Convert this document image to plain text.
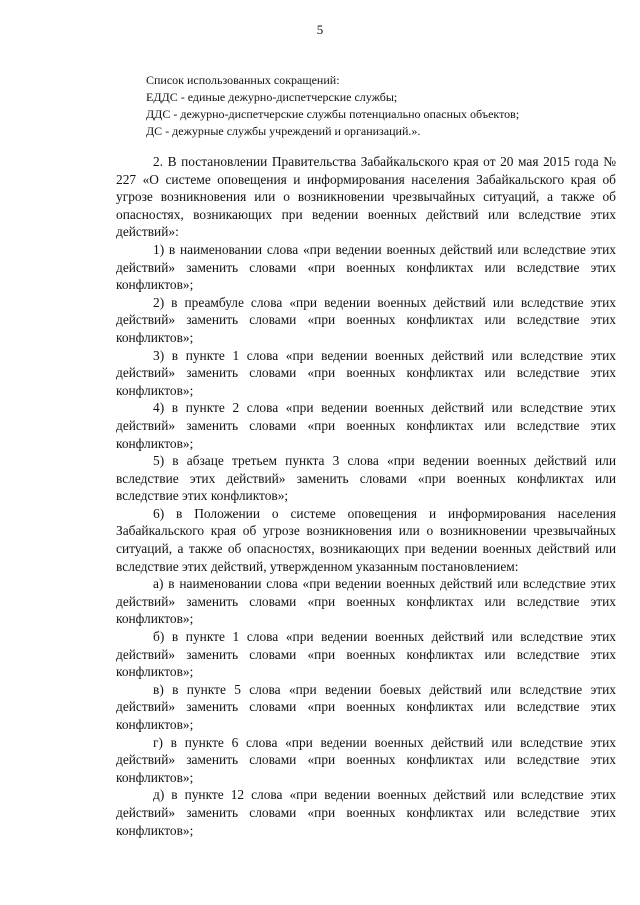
5
Список использованных сокращений:
ЕДДС - единые дежурно-диспетчерские службы;
ДДС - дежурно-диспетчерские службы потенциально опасных объектов;
ДС - дежурные службы учреждений и организаций.».

2. В постановлении Правительства Забайкальского края от 20 мая 2015 года № 227 «О системе оповещения и информирования населения Забайкальского края об угрозе возникновения или о возникновении чрезвычайных ситуаций, а также об опасностях, возникающих при ведении военных действий или вследствие этих действий»:

1) в наименовании слова «при ведении военных действий или вследствие этих действий» заменить словами «при военных конфликтах или вследствие этих конфликтов»;

2) в преамбуле слова «при ведении военных действий или вследствие этих действий» заменить словами «при военных конфликтах или вследствие этих конфликтов»;

3) в пункте 1 слова «при ведении военных действий или вследствие этих действий» заменить словами «при военных конфликтах или вследствие этих конфликтов»;

4) в пункте 2 слова «при ведении военных действий или вследствие этих действий» заменить словами «при военных конфликтах или вследствие этих конфликтов»;

5) в абзаце третьем пункта 3 слова «при ведении военных действий или вследствие этих действий» заменить словами «при военных конфликтах или вследствие этих конфликтов»;

6) в Положении о системе оповещения и информирования населения Забайкальского края об угрозе возникновения или о возникновении чрезвычайных ситуаций, а также об опасностях, возникающих при ведении военных действий или вследствие этих действий, утвержденном указанным постановлением:

а) в наименовании слова «при ведении военных действий или вследствие этих действий» заменить словами «при военных конфликтах или вследствие этих конфликтов»;

б) в пункте 1 слова «при ведении военных действий или вследствие этих действий» заменить словами «при военных конфликтах или вследствие этих конфликтов»;

в) в пункте 5 слова «при ведении боевых действий или вследствие этих действий» заменить словами «при военных конфликтах или вследствие этих конфликтов»;

г) в пункте 6 слова «при ведении военных действий или вследствие этих действий» заменить словами «при военных конфликтах или вследствие этих конфликтов»;

д) в пункте 12 слова «при ведении военных действий или вследствие этих действий» заменить словами «при военных конфликтах или вследствие этих конфликтов»;
